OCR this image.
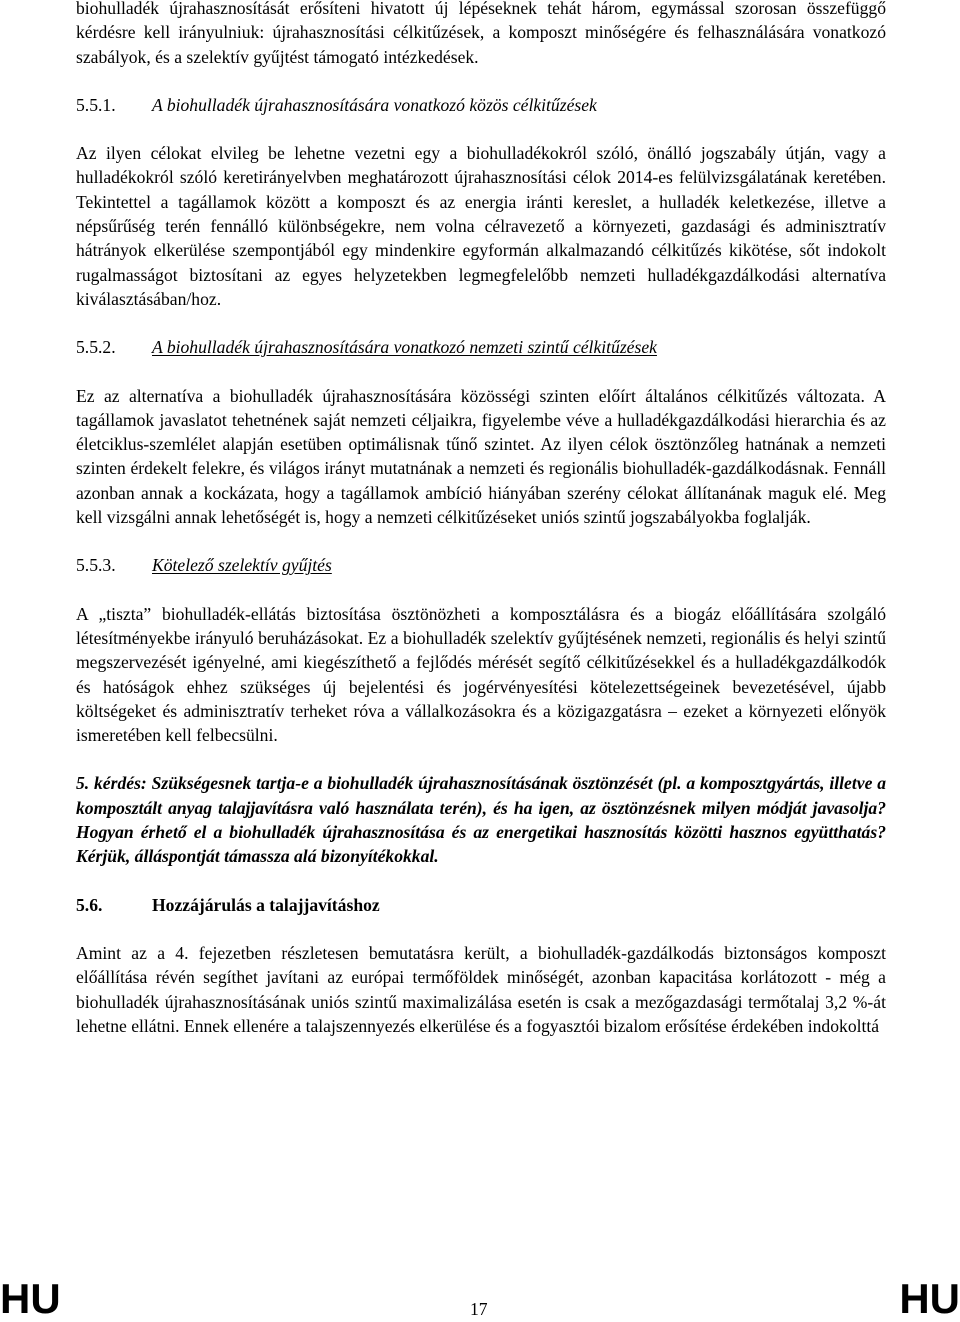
biohulladék újrahasznosítását erősíteni hivatott új lépéseknek tehát három, egymással szorosan összefüggő kérdésre kell irányulniuk: újrahasznosítási célkitűzések, a komposzt minőségére és felhasználására vonatkozó szabályok, és a szelektív gyűjtést támogató intézkedések.

5.5.1.	A biohulladék újrahasznosítására vonatkozó közös célkitűzések

Az ilyen célokat elvileg be lehetne vezetni egy a biohulladékokról szóló, önálló jogszabály útján, vagy a hulladékokról szóló keretirányelvben meghatározott újrahasznosítási célok 2014-es felülvizsgálatának keretében. Tekintettel a tagállamok között a komposzt és az energia iránti kereslet, a hulladék keletkezése, illetve a népsűrűség terén fennálló különbségekre, nem volna célravezető a környezeti, gazdasági és adminisztratív hátrányok elkerülése szempontjából egy mindenkire egyformán alkalmazandó célkitűzés kikötése, sőt indokolt rugalmasságot biztosítani az egyes helyzetekben legmegfelelőbb nemzeti hulladékgazdálkodási alternatíva kiválasztásában/hoz.

5.5.2.	A biohulladék újrahasznosítására vonatkozó nemzeti szintű célkitűzések

Ez az alternatíva a biohulladék újrahasznosítására közösségi szinten előírt általános célkitűzés változata. A tagállamok javaslatot tehetnének saját nemzeti céljaikra, figyelembe véve a hulladékgazdálkodási hierarchia és az életciklus-szemlélet alapján esetüben optimálisnak tűnő szintet. Az ilyen célok ösztönzőleg hatnának a nemzeti szinten érdekelt felekre, és világos irányt mutatnának a nemzeti és regionális biohulladék-gazdálkodásnak. Fennáll azonban annak a kockázata, hogy a tagállamok ambíció hiányában szerény célokat állítanának maguk elé. Meg kell vizsgálni annak lehetőségét is, hogy a nemzeti célkitűzéseket uniós szintű jogszabályokba foglalják.

5.5.3.	Kötelező szelektív gyűjtés

A „tiszta” biohulladék-ellátás biztosítása ösztönözheti a komposztálásra és a biogáz előállítására szolgáló létesítményekbe irányuló beruházásokat. Ez a biohulladék szelektív gyűjtésének nemzeti, regionális és helyi szintű megszervezését igényelné, ami kiegészíthető a fejlődés mérését segítő célkitűzésekkel és a hulladékgazdálkodók és hatóságok ehhez szükséges új bejelentési és jogérvényesítési kötelezettségeinek bevezetésével, újabb költségeket és adminisztratív terheket róva a vállalkozásokra és a közigazgatásra – ezeket a környezeti előnyök ismeretében kell felbecsülni.

5. kérdés: Szükségesnek tartja-e a biohulladék újrahasznosításának ösztönzését (pl. a komposztgyártás, illetve a komposztált anyag talajjavításra való használata terén), és ha igen, az ösztönzésnek milyen módját javasolja? Hogyan érhető el a biohulladék újrahasznosítása és az energetikai hasznosítás közötti hasznos együtthatás? Kérjük, álláspontját támassza alá bizonyítékokkal.

5.6.	Hozzájárulás a talajjavításhoz

Amint az a 4. fejezetben részletesen bemutatásra került, a biohulladék-gazdálkodás biztonságos komposzt előállítása révén segíthet javítani az európai termőföldek minőségét, azonban kapacitása korlátozott - még a biohulladék újrahasznosításának uniós szintű maximalizálása esetén is csak a mezőgazdasági termőtalaj 3,2 %-át lehetne ellátni. Ennek ellenére a talajszennyezés elkerülése és a fogyasztói bizalom erősítése érdekében indokolttá

HU	17	HU
